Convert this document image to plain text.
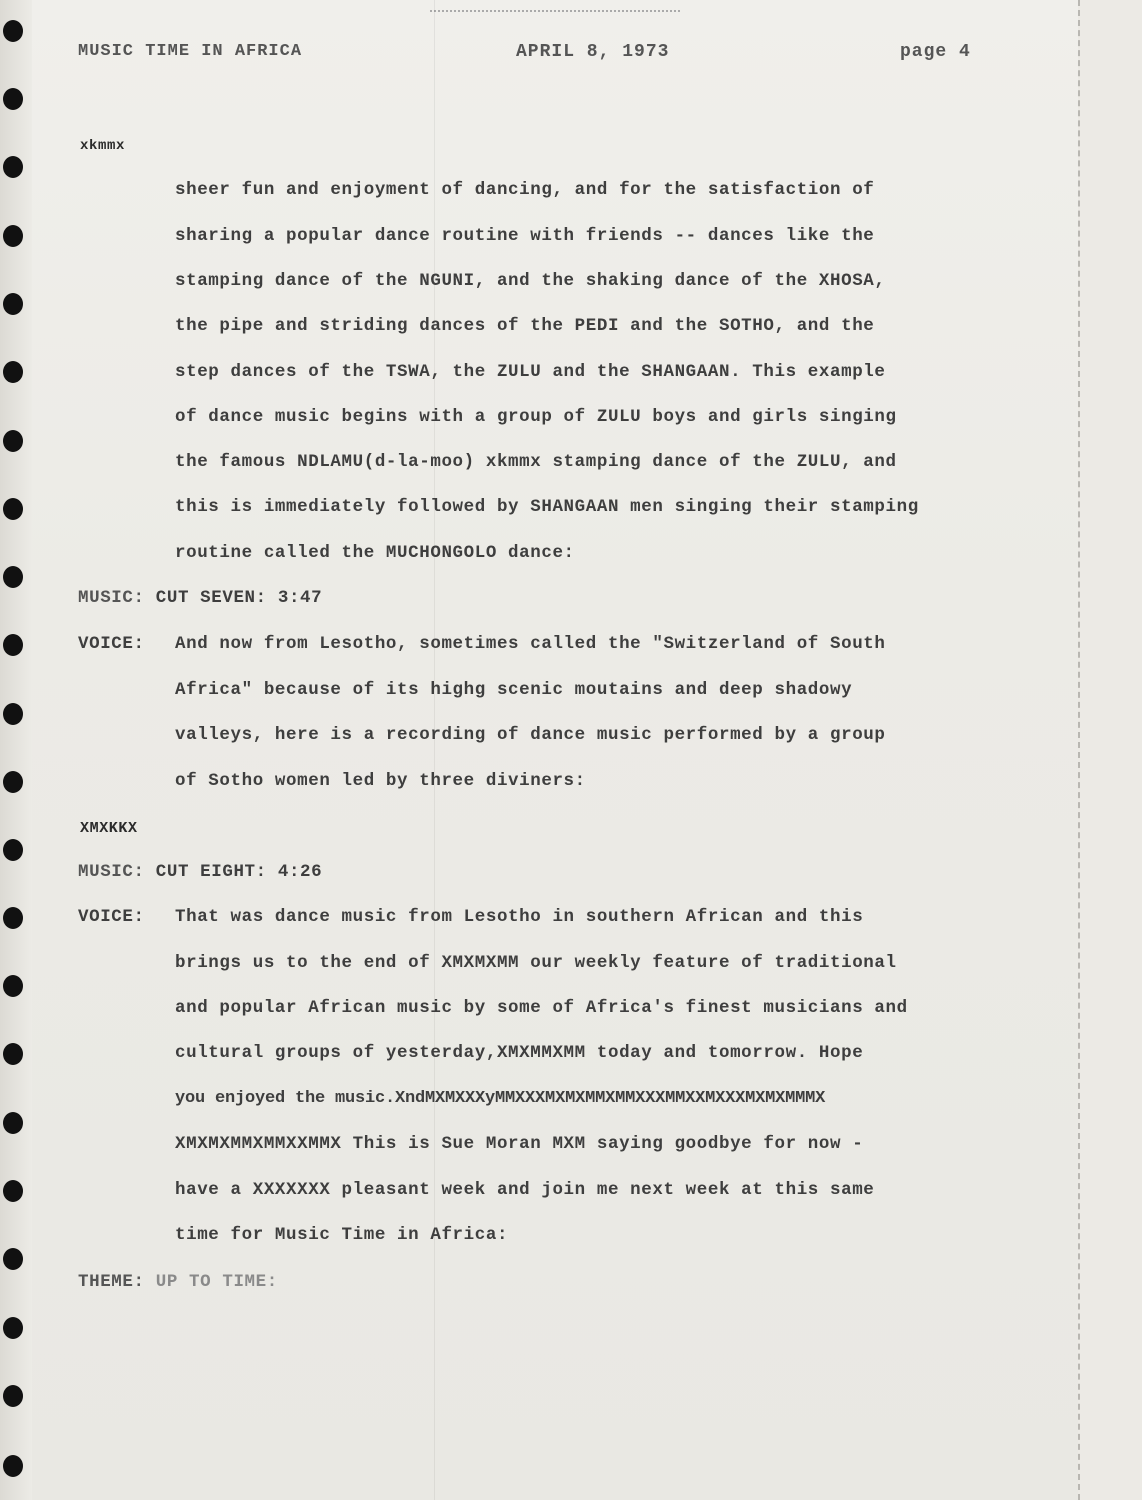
MUSIC TIME IN AFRICA	APRIL 8, 1973	page 4
xkmmx
sheer fun and enjoyment of dancing, and for the satisfaction of
sharing a popular dance routine with friends -- dances like the
stamping dance of the NGUNI, and the shaking dance of the XHOSA,
the pipe and striding dances of the PEDI and the SOTHO, and the
step dances of the TSWA, the ZULU and the SHANGAAN. This example
of dance music begins with a group of ZULU boys and girls singing
the famous NDLAMU(d-la-moo) xkmmx stamping dance of the ZULU, and
this is immediately followed by SHANGAAN men singing their stamping
routine called the MUCHONGOLO dance:
MUSIC: CUT SEVEN: 3:47
VOICE: And now from Lesotho, sometimes called the "Switzerland of South
Africa" because of its highg scenic moutains and deep shadowy
valleys, here is a recording of dance music performed by a group
of Sotho women led by three diviners:
XMXKKX
MUSIC: CUT EIGHT: 4:26
VOICE: That was dance music from Lesotho in southern African and this
brings us to the end of XMXMXMM our weekly feature of traditional
and popular African music by some of Africa's finest musicians and
cultural groups of yesterday,XMXMMXMM today and tomorrow. Hope
you enjoyed the music.XndMXMXXXyMMXXXMXMXMMXMMXXXMMXXMXXXMXMXMMMX
XMXMXMMXMMXXMMX This is Sue Moran MXM saying goodbye for now -
have a XXXXXXX pleasant week and join me next week at this same
time for Music Time in Africa:
THEME: UP TO TIME:
